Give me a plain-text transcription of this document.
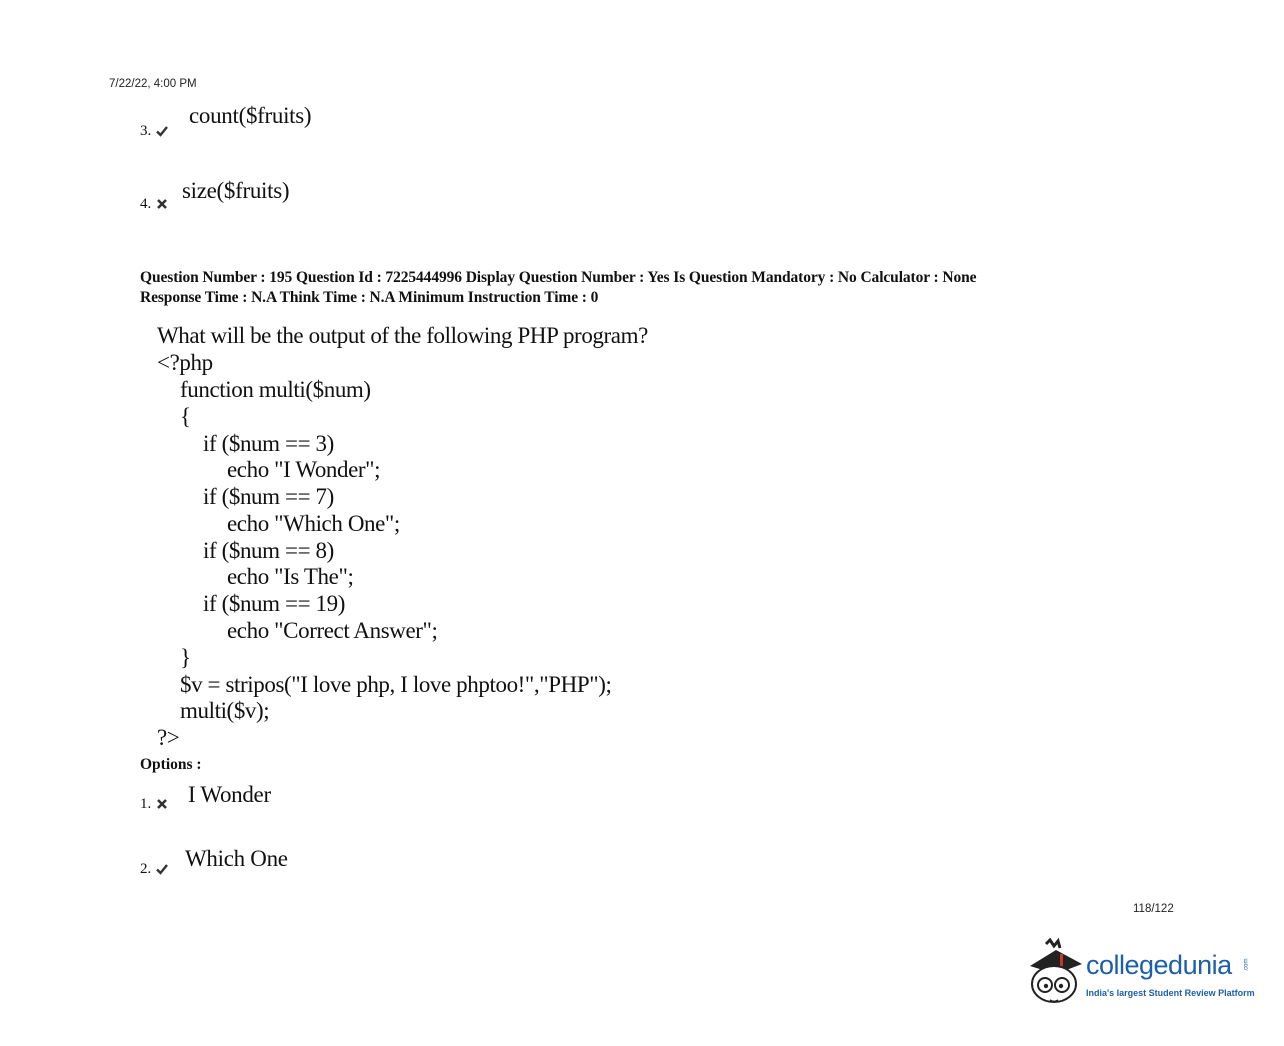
7/22/22, 4:00 PM
3.
count($fruits)
4.
size($fruits)
Question Number : 195 Question Id : 7225444996 Display Question Number : Yes Is Question Mandatory : No Calculator : None
Response Time : N.A Think Time : N.A Minimum Instruction Time : 0
What will be the output of the following PHP program?
<?php
function multi($num)
{
if ($num == 3)
echo "I Wonder";
if ($num == 7)
echo "Which One";
if ($num == 8)
echo "Is The";
if ($num == 19)
echo "Correct Answer";
}
$v = stripos("I love php, I love phptoo!","PHP");
multi($v);
?>
Options :
1.	I Wonder
2.	Which One
118/122
collegedunia .com
India's largest Student Review Platform
